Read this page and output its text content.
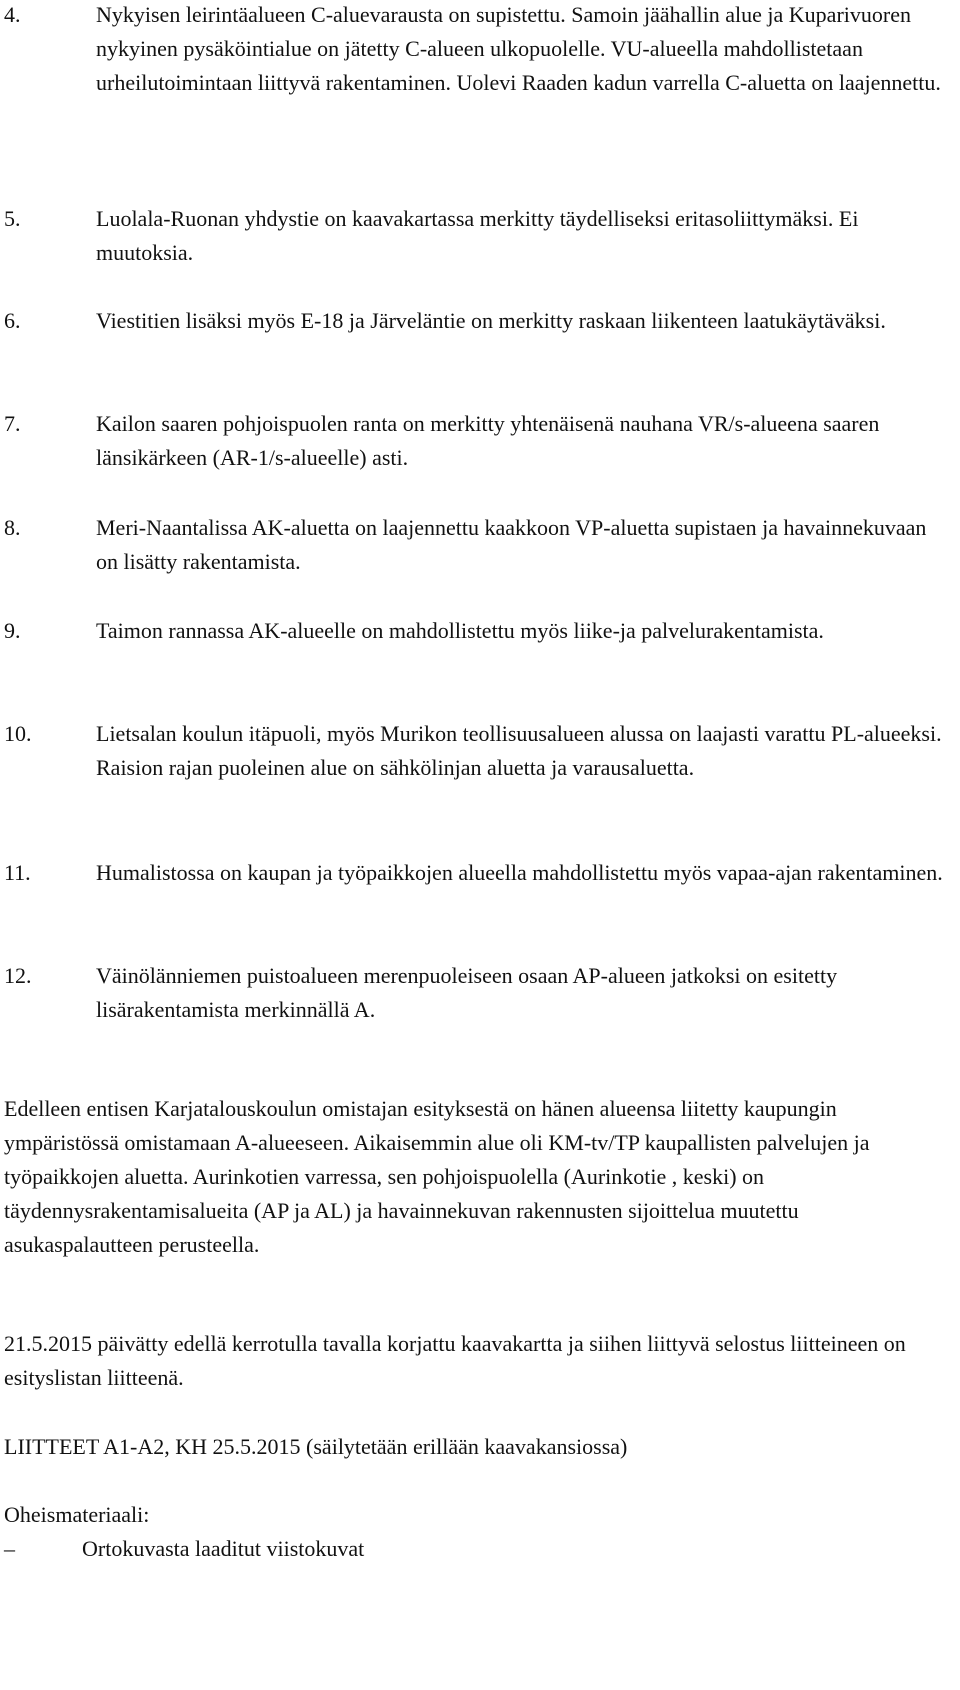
4.	Nykyisen leirintäalueen C-aluevarausta on supistettu. Samoin jäähallin alue ja Kuparivuoren nykyinen pysäköintialue on jätetty C-alueen ulkopuolelle. VU-alueella mahdollistetaan urheilutoimintaan liittyvä rakentaminen. Uolevi Raaden kadun varrella C-aluetta on laajennettu.
5.	Luolala-Ruonan yhdystie on kaavakartassa merkitty täydelliseksi eritasoliittymäksi. Ei muutoksia.
6.	Viestitien lisäksi myös E-18 ja Järveläntie on merkitty raskaan liikenteen laatukäytäväksi.
7.	Kailon saaren pohjoispuolen ranta on merkitty yhtenäisenä nauhana VR/s-alueena saaren länsikärkeen (AR-1/s-alueelle) asti.
8.	Meri-Naantalissa AK-aluetta on laajennettu kaakkoon VP-aluetta supistaen ja havainnekuvaan on lisätty rakentamista.
9.	Taimon rannassa AK-alueelle on mahdollistettu myös liike-ja palvelurakentamista.
10.	Lietsalan koulun itäpuoli, myös Murikon teollisuusalueen alussa on laajasti varattu PL-alueeksi. Raision rajan puoleinen alue on sähkölinjan aluetta ja varausaluetta.
11.	Humalistossa on kaupan ja työpaikkojen alueella mahdollistettu myös vapaa-ajan rakentaminen.
12.	Väinölänniemen puistoalueen merenpuoleiseen osaan AP-alueen jatkoksi on esitetty lisärakentamista merkinnällä A.
Edelleen entisen Karjatalouskoulun omistajan esityksestä on hänen alueensa liitetty kaupungin ympäristössä omistamaan A-alueeseen. Aikaisemmin alue oli KM-tv/TP kaupallisten palvelujen ja työpaikkojen aluetta. Aurinkotien varressa, sen pohjoispuolella (Aurinkotie , keski) on täydennysrakentamisalueita (AP ja AL) ja havainnekuvan rakennusten sijoittelua muutettu asukaspalautteen perusteella.
21.5.2015 päivätty edellä kerrotulla tavalla korjattu kaavakartta ja siihen liittyvä selostus liitteineen on esityslistan liitteenä.
LIITTEET A1-A2, KH 25.5.2015 (säilytetään erillään kaavakansiossa)
Oheismateriaali:
–	Ortokuvasta laaditut viistokuvat
